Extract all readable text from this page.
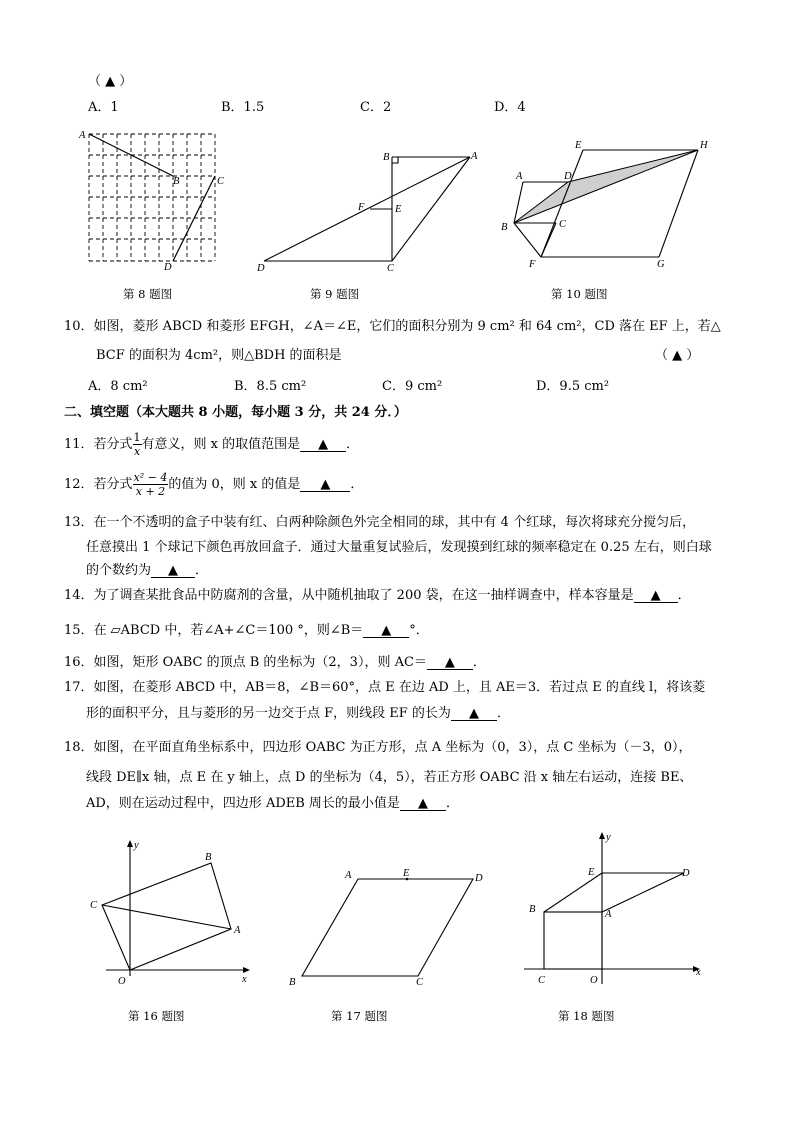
（ ▲ ）
A．1	B．1.5	C．2	D．4
A
B	C
D
第 8 题图
B	A
F	E
D	C
第 9 题图
E	H
A	D
C
B
F	G
第 10 题图
10．如图，菱形 ABCD 和菱形 EFGH，∠A＝∠E，它们的面积分别为 9 cm² 和 64 cm²，CD 落在 EF 上，若△
BCF 的面积为 4cm²，则△BDH 的面积是	（ ▲ ）
A．8 cm²	B．8.5 cm²	C．9 cm²	D．9.5 cm²
二、填空题（本大题共 8 小题，每小题 3 分，共 24 分．）
11．若分式 $\frac{1}{x}$ 有意义，则 x 的取值范围是 ▲ ．
12．若分式 $\frac{\text{x² − 4}}{x + 2}$ 的值为 0，则 x 的值是 ▲ ．
13．在一个不透明的盒子中装有红、白两种除颜色外完全相同的球，其中有 4 个红球，每次将球充分搅匀后，
任意摸出 1 个球记下颜色再放回盒子．通过大量重复试验后，发现摸到红球的频率稳定在 0.25 左右，则白球
的个数约为 ▲ ．
14．为了调查某批食品中防腐剂的含量，从中随机抽取了 200 袋，在这一抽样调查中，样本容量是 ▲ ．
15．在 ▱ABCD 中，若∠A+∠C＝100 °，则∠B＝ ▲ °．
16．如图，矩形 OABC 的顶点 B 的坐标为（2，3），则 AC＝ ▲ ．
17．如图，在菱形 ABCD 中，AB＝8，∠B＝60°，点 E 在边 AD 上，且 AE＝3．若过点 E 的直线 l，将该菱
形的面积平分，且与菱形的另一边交于点 F，则线段 EF 的长为 ▲ ．
18．如图，在平面直角坐标系中，四边形 OABC 为正方形，点 A 坐标为（0，3），点 C 坐标为（－3，0），
线段 DE∥x 轴，点 E 在 y 轴上，点 D 的坐标为（4，5），若正方形 OABC 沿 x 轴左右运动，连接 BE、
AD，则在运动过程中，四边形 ADEB 周长的最小值是 ▲ ．
y
x
O
C
B
A
第 16 题图
A	E	D
B	C
第 17 题图
y
x
E	D
B	A
C	O
第 18 题图
